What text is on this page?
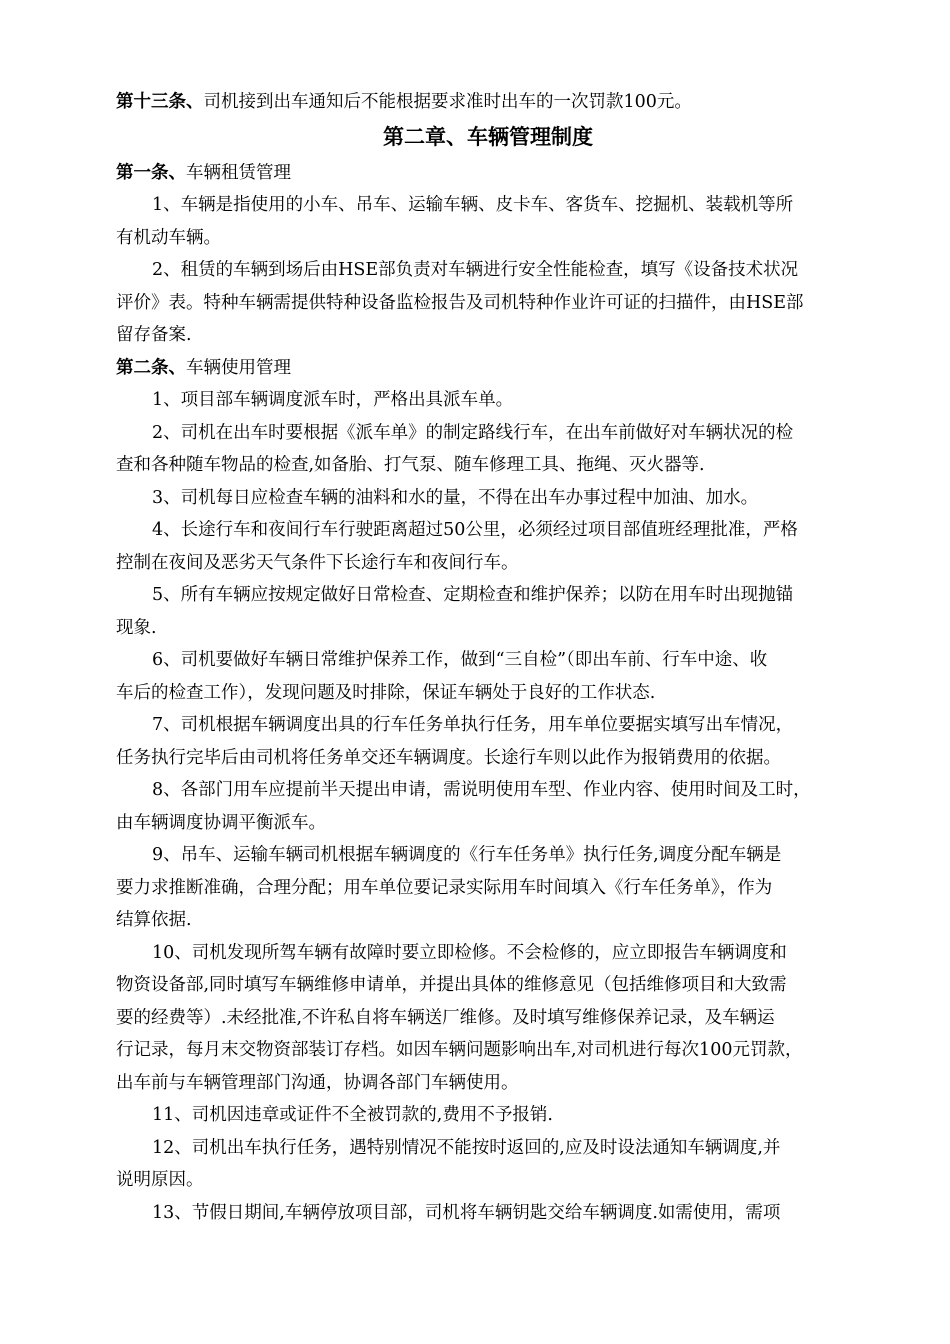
第十三条、司机接到出车通知后不能根据要求准时出车的一次罚款100元。
第二章、车辆管理制度
第一条、车辆租赁管理
1、车辆是指使用的小车、吊车、运输车辆、皮卡车、客货车、挖掘机、装载机等所
有机动车辆。
2、租赁的车辆到场后由HSE部负责对车辆进行安全性能检查，填写《设备技术状况
评价》表。特种车辆需提供特种设备监检报告及司机特种作业许可证的扫描件，由HSE部
留存备案.
第二条、车辆使用管理
1、项目部车辆调度派车时，严格出具派车单。
2、司机在出车时要根据《派车单》的制定路线行车，在出车前做好对车辆状况的检
查和各种随车物品的检查,如备胎、打气泵、随车修理工具、拖绳、灭火器等.
3、司机每日应检查车辆的油料和水的量，不得在出车办事过程中加油、加水。
4、长途行车和夜间行车行驶距离超过50公里，必须经过项目部值班经理批准，严格
控制在夜间及恶劣天气条件下长途行车和夜间行车。
5、所有车辆应按规定做好日常检查、定期检查和维护保养；以防在用车时出现抛锚
现象.
6、司机要做好车辆日常维护保养工作，做到“三自检”（即出车前、行车中途、收
车后的检查工作），发现问题及时排除，保证车辆处于良好的工作状态.
7、司机根据车辆调度出具的行车任务单执行任务，用车单位要据实填写出车情况，
任务执行完毕后由司机将任务单交还车辆调度。长途行车则以此作为报销费用的依据。
8、各部门用车应提前半天提出申请，需说明使用车型、作业内容、使用时间及工时，
由车辆调度协调平衡派车。
9、吊车、运输车辆司机根据车辆调度的《行车任务单》执行任务,调度分配车辆是
要力求推断准确，合理分配；用车单位要记录实际用车时间填入《行车任务单》，作为
结算依据.
10、司机发现所驾车辆有故障时要立即检修。不会检修的，应立即报告车辆调度和
物资设备部,同时填写车辆维修申请单，并提出具体的维修意见（包括维修项目和大致需
要的经费等）.未经批准,不许私自将车辆送厂维修。及时填写维修保养记录，及车辆运
行记录，每月末交物资部装订存档。如因车辆问题影响出车,对司机进行每次100元罚款，
出车前与车辆管理部门沟通，协调各部门车辆使用。
11、司机因违章或证件不全被罚款的,费用不予报销.
12、司机出车执行任务，遇特别情况不能按时返回的,应及时设法通知车辆调度,并
说明原因。
13、节假日期间,车辆停放项目部，司机将车辆钥匙交给车辆调度.如需使用，需项
